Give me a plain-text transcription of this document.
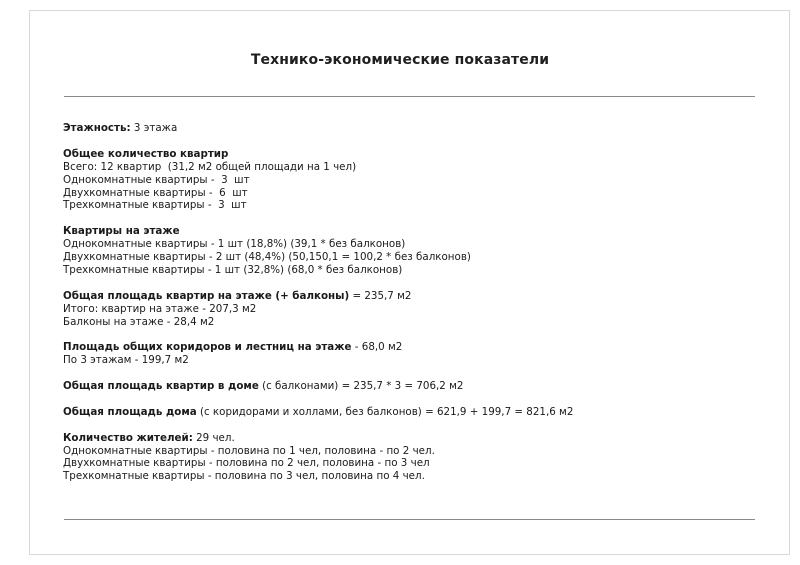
Технико-экономические показатели
Этажность: 3 этажа
Общее количество квартир
Всего: 12 квартир  (31,2 м2 общей площади на 1 чел)
Однокомнатные квартиры -  3  шт
Двухкомнатные квартиры -  6  шт
Трехкомнатные квартиры -  3  шт
Квартиры на этаже
Однокомнатные квартиры - 1 шт (18,8%) (39,1 * без балконов)
Двухкомнатные квартиры - 2 шт (48,4%) (50,150,1 = 100,2 * без балконов)
Трехкомнатные квартиры - 1 шт (32,8%) (68,0 * без балконов)
Общая площадь квартир на этаже (+ балконы) = 235,7 м2
Итого: квартир на этаже - 207,3 м2
Балконы на этаже - 28,4 м2
Площадь общих коридоров и лестниц на этаже - 68,0 м2
По 3 этажам - 199,7 м2
Общая площадь квартир в доме (с балконами) = 235,7 * 3 = 706,2 м2
Общая площадь дома (с коридорами и холлами, без балконов) = 621,9 + 199,7 = 821,6 м2
Количество жителей: 29 чел.
Однокомнатные квартиры - половина по 1 чел, половина - по 2 чел.
Двухкомнатные квартиры - половина по 2 чел, половина - по 3 чел
Трехкомнатные квартиры - половина по 3 чел, половина по 4 чел.
